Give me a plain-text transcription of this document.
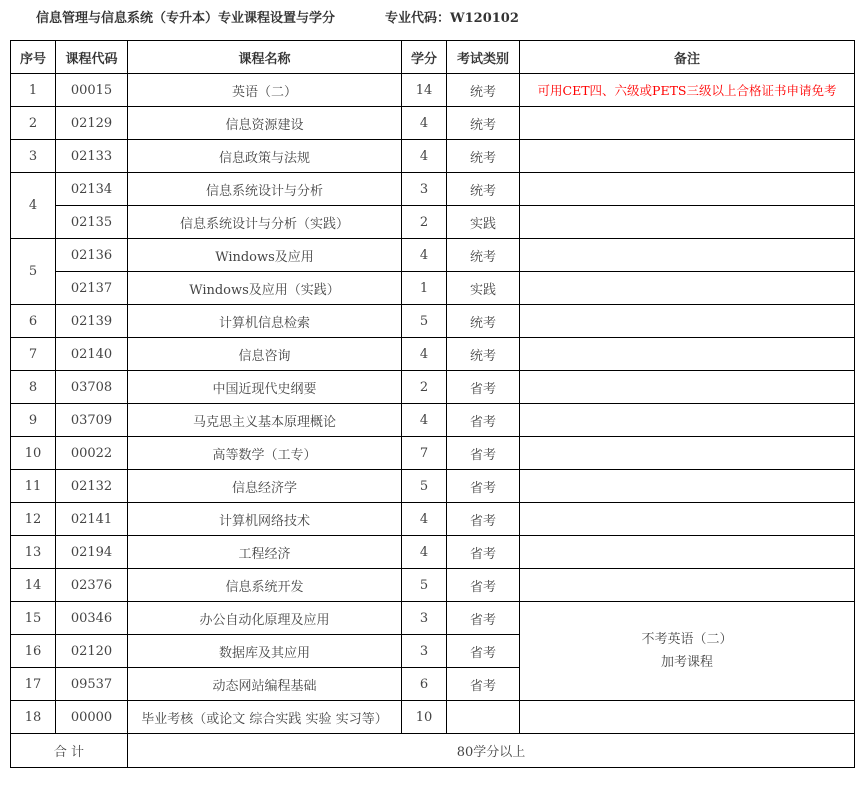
信息管理与信息系统（专升本）专业课程设置与学分	专业代码：W120102
序号	课程代码	课程名称	学分	考试类别	备注
1	00015	英语（二）	14	统考	可用CET四、六级或PETS三级以上合格证书申请免考
2	02129	信息资源建设	4	统考	
3	02133	信息政策与法规	4	统考	
4	02134	信息系统设计与分析	3	统考	
	02135	信息系统设计与分析（实践）	2	实践	
5	02136	Windows及应用	4	统考	
	02137	Windows及应用（实践）	1	实践	
6	02139	计算机信息检索	5	统考	
7	02140	信息咨询	4	统考	
8	03708	中国近现代史纲要	2	省考	
9	03709	马克思主义基本原理概论	4	省考	
10	00022	高等数学（工专）	7	省考	
11	02132	信息经济学	5	省考	
12	02141	计算机网络技术	4	省考	
13	02194	工程经济	4	省考	
14	02376	信息系统开发	5	省考	
15	00346	办公自动化原理及应用	3	省考	不考英语（二）
加考课程

16	02120	数据库及其应用	3	省考	
17	09537	动态网站编程基础	6	省考	
18	00000	毕业考核（或论文 综合实践 实验 实习等）	10		
合 计		80学分以上			
